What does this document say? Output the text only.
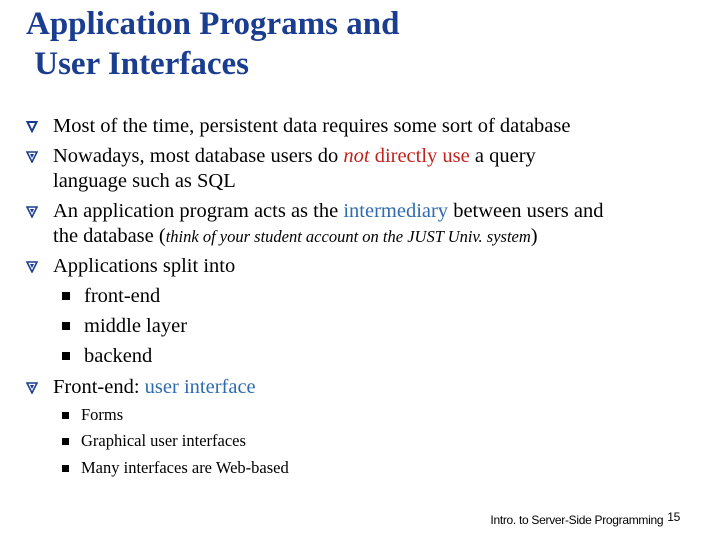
Application Programs and
User Interfaces
Most of the time, persistent data requires some sort of database
Nowadays, most database users do not directly use a query
language such as SQL
An application program acts as the intermediary between users and
the database (think of your student account on the JUST Univ. system)
Applications split into
front-end
middle layer
backend
Front-end: user interface
Forms
Graphical user interfaces
Many interfaces are Web-based
Intro. to Server-Side Programming 15
